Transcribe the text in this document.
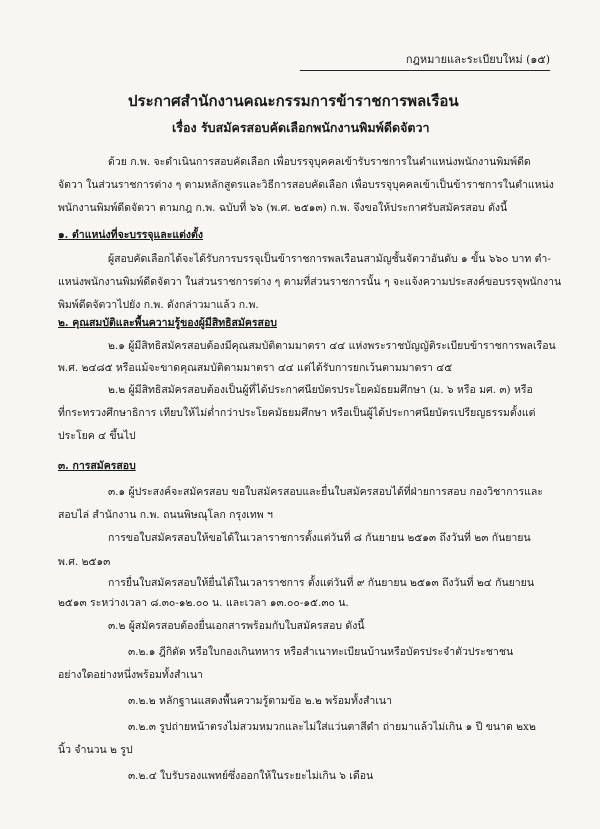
กฎหมายและระเบียบใหม่ (๑๕)
ประกาศสำนักงานคณะกรรมการข้าราชการพลเรือน
เรื่อง รับสมัครสอบคัดเลือกพนักงานพิมพ์ดีดจัตวา
ด้วย ก.พ. จะดำเนินการสอบคัดเลือก เพื่อบรรจุบุคคลเข้ารับราชการในตำแหน่งพนักงานพิมพ์ดีด
จัตวา ในส่วนราชการต่าง ๆ ตามหลักสูตรและวิธีการสอบคัดเลือก เพื่อบรรจุบุคคลเข้าเป็นข้าราชการในตำแหน่ง
พนักงานพิมพ์ดีดจัตวา ตามกฎ ก.พ. ฉบับที่ ๖๖ (พ.ศ. ๒๕๑๓) ก.พ. จึงขอให้ประกาศรับสมัครสอบ ดังนี้
๑. ตำแหน่งที่จะบรรจุและแต่งตั้ง
ผู้สอบคัดเลือกได้จะได้รับการบรรจุเป็นข้าราชการพลเรือนสามัญชั้นจัตวาอันดับ ๑ ขั้น ๖๖๐ บาท ตำ-
แหน่งพนักงานพิมพ์ดีดจัตวา ในส่วนราชการต่าง ๆ ตามที่ส่วนราชการนั้น ๆ จะแจ้งความประสงค์ขอบรรจุพนักงาน
พิมพ์ดีดจัตวาไปยัง ก.พ. ดังกล่าวมาแล้ว ก.พ.
๒. คุณสมบัติและพื้นความรู้ของผู้มีสิทธิสมัครสอบ
๒.๑ ผู้มีสิทธิสมัครสอบต้องมีคุณสมบัติตามมาตรา ๔๔ แห่งพระราชบัญญัติระเบียบข้าราชการพลเรือน
พ.ศ. ๒๔๘๕ หรือแม้จะขาดคุณสมบัติตามมาตรา ๔๔ แต่ได้รับการยกเว้นตามมาตรา ๔๕
๒.๒ ผู้มีสิทธิสมัครสอบต้องเป็นผู้ที่ได้ประกาศนียบัตรประโยคมัธยมศึกษา (ม. ๖ หรือ มศ. ๓) หรือ
ที่กระทรวงศึกษาธิการ เทียบให้ไม่ต่ำกว่าประโยคมัธยมศึกษา หรือเป็นผู้ได้ประกาศนียบัตรเปรียญธรรมตั้งแต่
ประโยค ๔ ขึ้นไป
๓. การสมัครสอบ
๓.๑ ผู้ประสงค์จะสมัครสอบ ขอใบสมัครสอบและยื่นใบสมัครสอบได้ที่ฝ่ายการสอบ กองวิชาการและ
สอบไล่ สำนักงาน ก.พ. ถนนพิษณุโลก กรุงเทพ ฯ
การขอใบสมัครสอบให้ขอได้ในเวลาราชการตั้งแต่วันที่ ๘ กันยายน ๒๕๑๓ ถึงวันที่ ๒๓ กันยายน
พ.ศ. ๒๕๑๓
การยื่นใบสมัครสอบให้ยื่นได้ในเวลาราชการ ตั้งแต่วันที่ ๙ กันยายน ๒๕๑๓ ถึงวันที่ ๒๔ กันยายน
๒๕๑๓ ระหว่างเวลา ๘.๓๐-๑๒.๐๐ น. และเวลา ๑๓.๐๐-๑๕.๓๐ น.
๓.๒ ผู้สมัครสอบต้องยื่นเอกสารพร้อมกับใบสมัครสอบ ดังนี้
๓.๒.๑ ฎีกิดัด หรือใบกองเกินทหาร หรือสำเนาทะเบียนบ้านหรือบัตรประจำตัวประชาชน
อย่างใดอย่างหนึ่งพร้อมทั้งสำเนา
๓.๒.๒ หลักฐานแสดงพื้นความรู้ตามข้อ ๒.๒ พร้อมทั้งสำเนา
๓.๒.๓ รูปถ่ายหน้าตรงไม่สวมหมวกและไม่ใส่แว่นตาสีดำ ถ่ายมาแล้วไม่เกิน ๑ ปี ขนาด ๒x๒
นิ้ว จำนวน ๒ รูป
๓.๒.๔ ใบรับรองแพทย์ซึ่งออกให้ในระยะไม่เกิน ๖ เดือน
